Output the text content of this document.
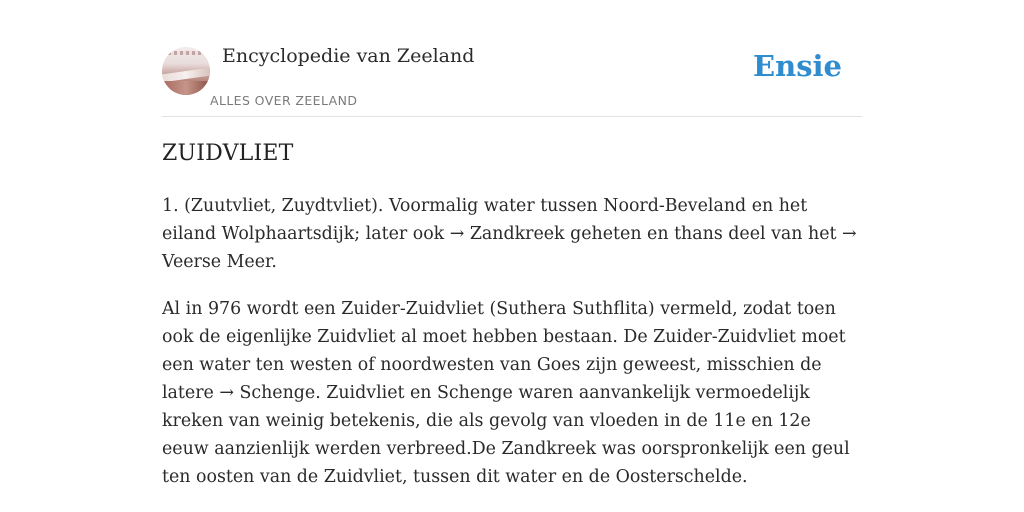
Encyclopedie van Zeeland
ALLES OVER ZEELAND
Ensie
ZUIDVLIET

1. (Zuutvliet, Zuydtvliet). Voormalig water tussen Noord-Beveland en het eiland Wolphaartsdijk; later ook → Zandkreek geheten en thans deel van het → Veerse Meer.

Al in 976 wordt een Zuider-Zuidvliet (Suthera Suthflita) vermeld, zodat toen ook de eigenlijke Zuidvliet al moet hebben bestaan. De Zuider-Zuidvliet moet een water ten westen of noordwesten van Goes zijn geweest, misschien de latere → Schenge. Zuidvliet en Schenge waren aanvankelijk vermoedelijk kreken van weinig betekenis, die als gevolg van vloeden in de 11e en 12e eeuw aanzienlijk werden verbreed.De Zandkreek was oorspronkelijk een geul ten oosten van de Zuidvliet, tussen dit water en de Oosterschelde.
